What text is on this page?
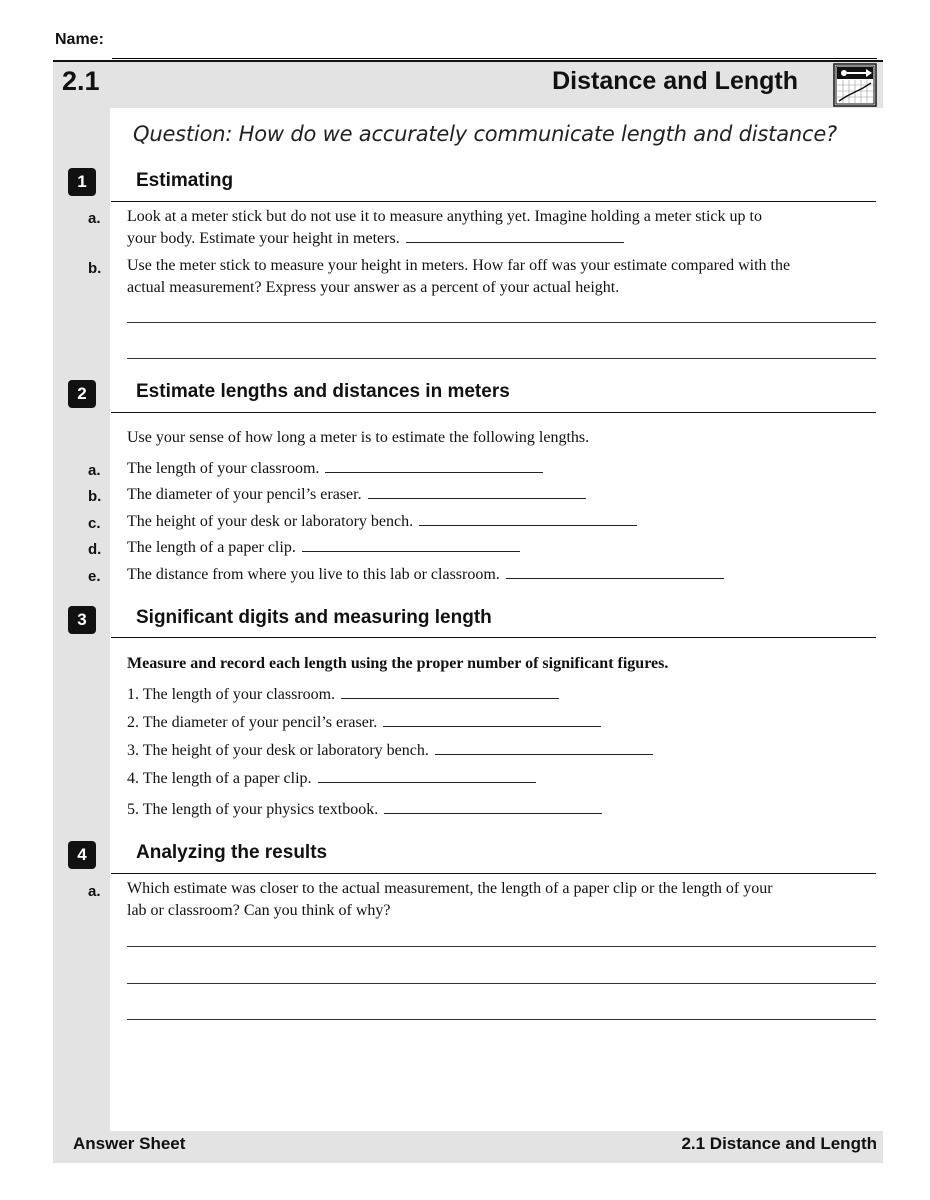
Name:
2.1	Distance and Length
Question: How do we accurately communicate length and distance?
1	Estimating
a. Look at a meter stick but do not use it to measure anything yet. Imagine holding a meter stick up to
your body. Estimate your height in meters.
b. Use the meter stick to measure your height in meters. How far off was your estimate compared with the
actual measurement? Express your answer as a percent of your actual height.
2	Estimate lengths and distances in meters
Use your sense of how long a meter is to estimate the following lengths.
a. The length of your classroom.
b. The diameter of your pencil’s eraser.
c. The height of your desk or laboratory bench.
d. The length of a paper clip.
e. The distance from where you live to this lab or classroom.
3	Significant digits and measuring length
Measure and record each length using the proper number of significant figures.
1. The length of your classroom.
2. The diameter of your pencil’s eraser.
3. The height of your desk or laboratory bench.
4. The length of a paper clip.
5. The length of your physics textbook.
4	Analyzing the results
a. Which estimate was closer to the actual measurement, the length of a paper clip or the length of your
lab or classroom? Can you think of why?
Answer Sheet	2.1 Distance and Length
